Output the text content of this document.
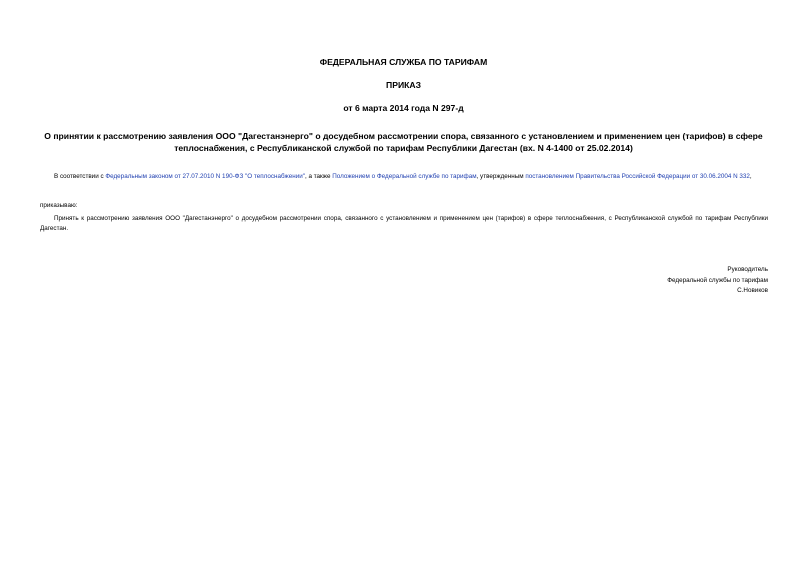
ФЕДЕРАЛЬНАЯ СЛУЖБА ПО ТАРИФАМ
ПРИКАЗ
от 6 марта 2014 года N 297-д
О принятии к рассмотрению заявления ООО "Дагестанэнерго" о досудебном рассмотрении спора, связанного с установлением и применением цен (тарифов) в сфере теплоснабжения, с Республиканской службой по тарифам Республики Дагестан (вх. N 4-1400 от 25.02.2014)
В соответствии с Федеральным законом от 27.07.2010 N 190-ФЗ "О теплоснабжении", а также Положением о Федеральной службе по тарифам, утвержденным постановлением Правительства Российской Федерации от 30.06.2004 N 332,
приказываю:
Принять к рассмотрению заявления ООО "Дагестанэнерго" о досудебном рассмотрении спора, связанного с установлением и применением цен (тарифов) в сфере теплоснабжения, с Республиканской службой по тарифам Республики Дагестан.
Руководитель
Федеральной службы по тарифам
С.Новиков
